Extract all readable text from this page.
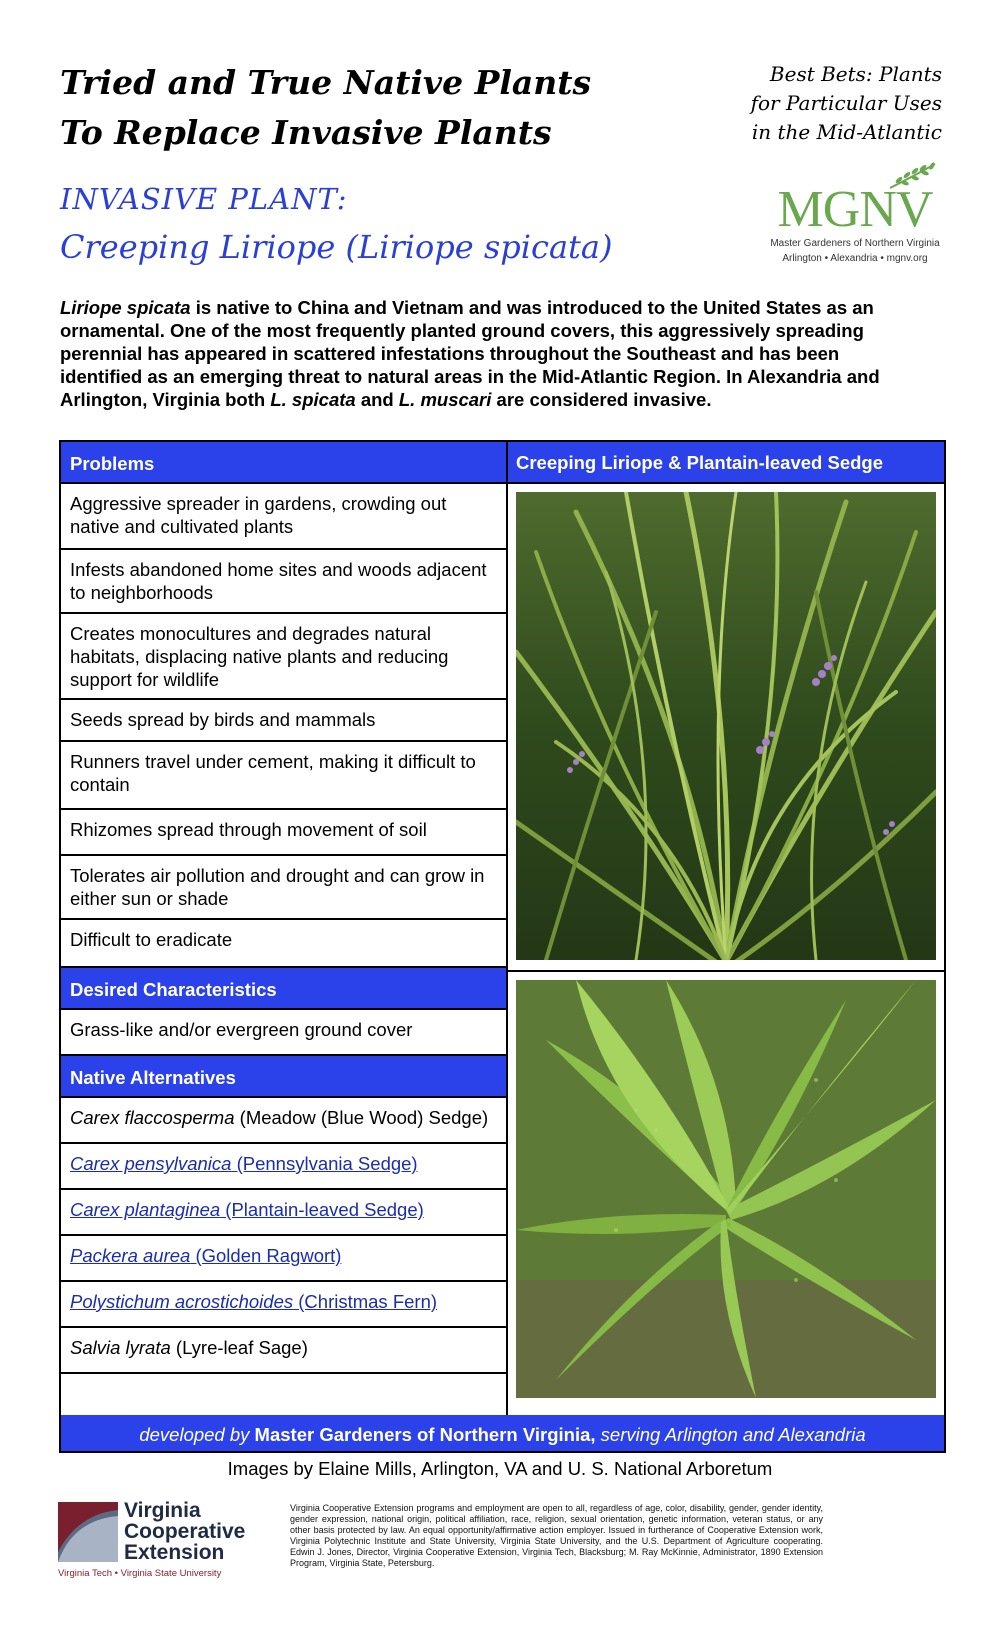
Tried and True Native Plants
To Replace Invasive Plants
Best Bets: Plants
for Particular Uses
in the Mid-Atlantic
INVASIVE PLANT:
Creeping Liriope (Liriope spicata)
MGNV
Master Gardeners of Northern Virginia
Arlington • Alexandria • mgnv.org
Liriope spicata is native to China and Vietnam and was introduced to the United States as an ornamental. One of the most frequently planted ground covers, this aggressively spreading perennial has appeared in scattered infestations throughout the Southeast and has been identified as an emerging threat to natural areas in the Mid-Atlantic Region. In Alexandria and Arlington, Virginia both L. spicata and L. muscari are considered invasive.
Problems
Aggressive spreader in gardens, crowding out native and cultivated plants
Infests abandoned home sites and woods adjacent to neighborhoods
Creates monocultures and degrades natural habitats, displacing native plants and reducing support for wildlife
Seeds spread by birds and mammals
Runners travel under cement, making it difficult to contain
Rhizomes spread through movement of soil
Tolerates air pollution and drought and can grow in either sun or shade
Difficult to eradicate
Desired Characteristics
Grass-like and/or evergreen ground cover
Native Alternatives
Carex flaccosperma (Meadow (Blue Wood) Sedge)
Carex pensylvanica (Pennsylvania Sedge)
Carex plantaginea (Plantain-leaved Sedge)
Packera aurea (Golden Ragwort)
Polystichum acrostichoides (Christmas Fern)
Salvia lyrata (Lyre-leaf Sage)
Creeping Liriope & Plantain-leaved Sedge
developed by Master Gardeners of Northern Virginia, serving Arlington and Alexandria
Images by Elaine Mills, Arlington, VA and U. S. National Arboretum
Virginia
Cooperative
Extension
Virginia Tech • Virginia State University
Virginia Cooperative Extension programs and employment are open to all, regardless of age, color, disability, gender, gender identity, gender expression, national origin, political affiliation, race, religion, sexual orientation, genetic information, veteran status, or any other basis protected by law. An equal opportunity/affirmative action employer. Issued in furtherance of Cooperative Extension work, Virginia Polytechnic Institute and State University, Virginia State University, and the U.S. Department of Agriculture cooperating. Edwin J. Jones, Director, Virginia Cooperative Extension, Virginia Tech, Blacksburg; M. Ray McKinnie, Administrator, 1890 Extension Program, Virginia State, Petersburg.
